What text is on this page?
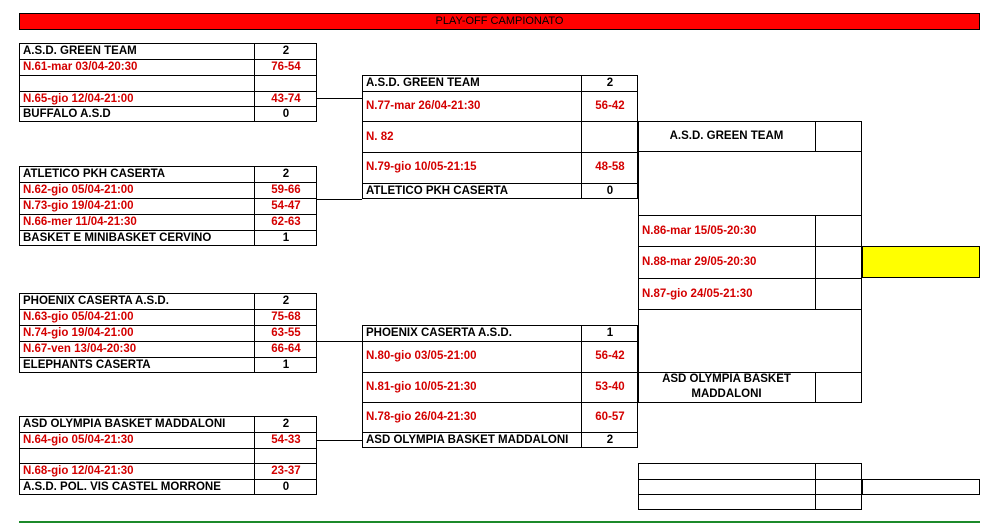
PLAY-OFF CAMPIONATO
A.S.D. GREEN TEAM	2
N.61-mar 03/04-20:30	76-54
N.65-gio 12/04-21:00	43-74
BUFFALO A.S.D	0
ATLETICO PKH CASERTA	2
N.62-gio 05/04-21:00	59-66
N.73-gio 19/04-21:00	54-47
N.66-mer 11/04-21:30	62-63
BASKET E MINIBASKET CERVINO	1
PHOENIX CASERTA A.S.D.	2
N.63-gio 05/04-21:00	75-68
N.74-gio 19/04-21:00	63-55
N.67-ven 13/04-20:30	66-64
ELEPHANTS CASERTA	1
ASD OLYMPIA BASKET MADDALONI	2
N.64-gio 05/04-21:30	54-33
N.68-gio 12/04-21:30	23-37
A.S.D. POL. VIS CASTEL MORRONE	0
A.S.D. GREEN TEAM	2
N.77-mar 26/04-21:30	56-42
N. 82
N.79-gio 10/05-21:15	48-58
ATLETICO PKH CASERTA	0
PHOENIX CASERTA A.S.D.	1
N.80-gio 03/05-21:00	56-42
N.81-gio 10/05-21:30	53-40
N.78-gio 26/04-21:30	60-57
ASD OLYMPIA BASKET MADDALONI	2
A.S.D. GREEN TEAM
N.86-mar 15/05-20:30
N.88-mar 29/05-20:30
N.87-gio 24/05-21:30
ASD OLYMPIA BASKET
MADDALONI
